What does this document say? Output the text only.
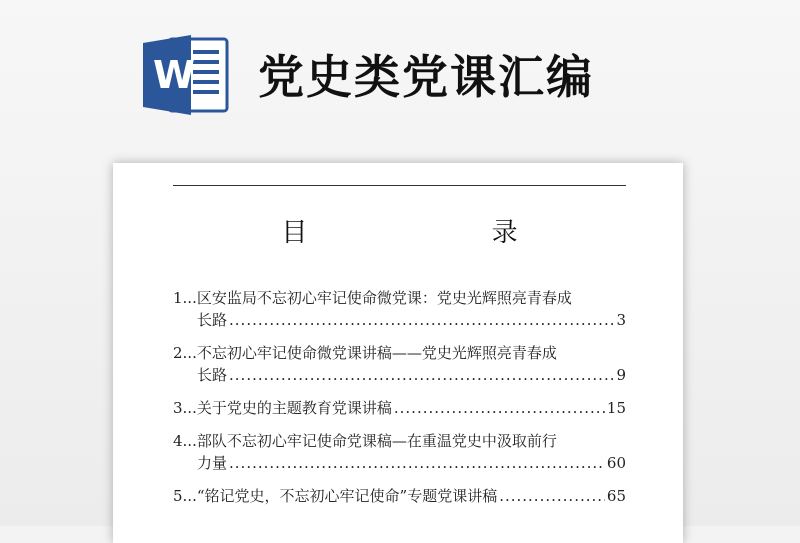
W 党史类党课汇编
目 录
1... 区安监局不忘初心牢记使命微党课：党史光辉照亮青春成
长路 .....	3
2... 不忘初心牢记使命微党课讲稿——党史光辉照亮青春成
长路 .....	9
3... 关于党史的主题教育党课讲稿 .....	15
4... 部队不忘初心牢记使命党课稿—在重温党史中汲取前行
力量 .....	60
5... “铭记党史，不忘初心牢记使命”专题党课讲稿 .....	65
